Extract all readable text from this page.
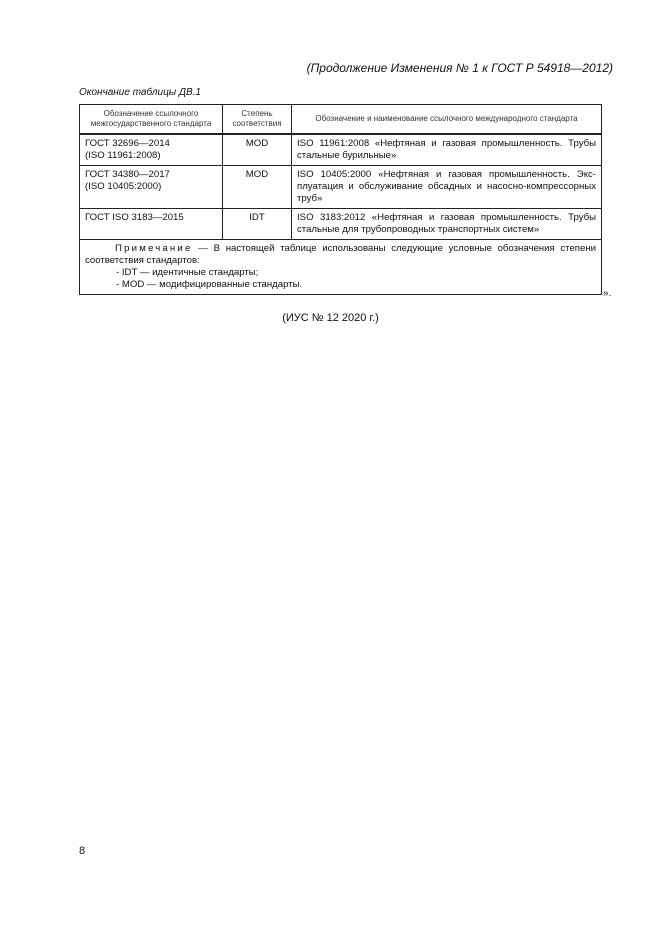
(Продолжение Изменения № 1 к ГОСТ Р 54918—2012)
Окончание таблицы ДВ.1
Обозначение ссылочного межгосударственного стандарта	Степень соответствия	Обозначение и наименование ссылочного международного стандарта

ГОСТ 32696—2014
(ISO 11961:2008)	MOD	ISO 11961:2008 «Нефтяная и газовая промышленность. Трубы стальные бурильные»

ГОСТ 34380—2017
(ISO 10405:2000)	MOD	ISO 10405:2000 «Нефтяная и газовая промышленность. Эксплуатация и обслуживание обсадных и насосно-компрессорных труб»

ГОСТ ISO 3183—2015	IDT	ISO 3183:2012 «Нефтяная и газовая промышленность. Трубы стальные для трубопроводных транспортных систем»

Примечание — В настоящей таблице использованы следующие условные обозначения степени соответствия стандартов:

- IDT — идентичные стандарты;

- MOD — модифицированные стандарты.		

».
(ИУС № 12 2020 г.)
8
